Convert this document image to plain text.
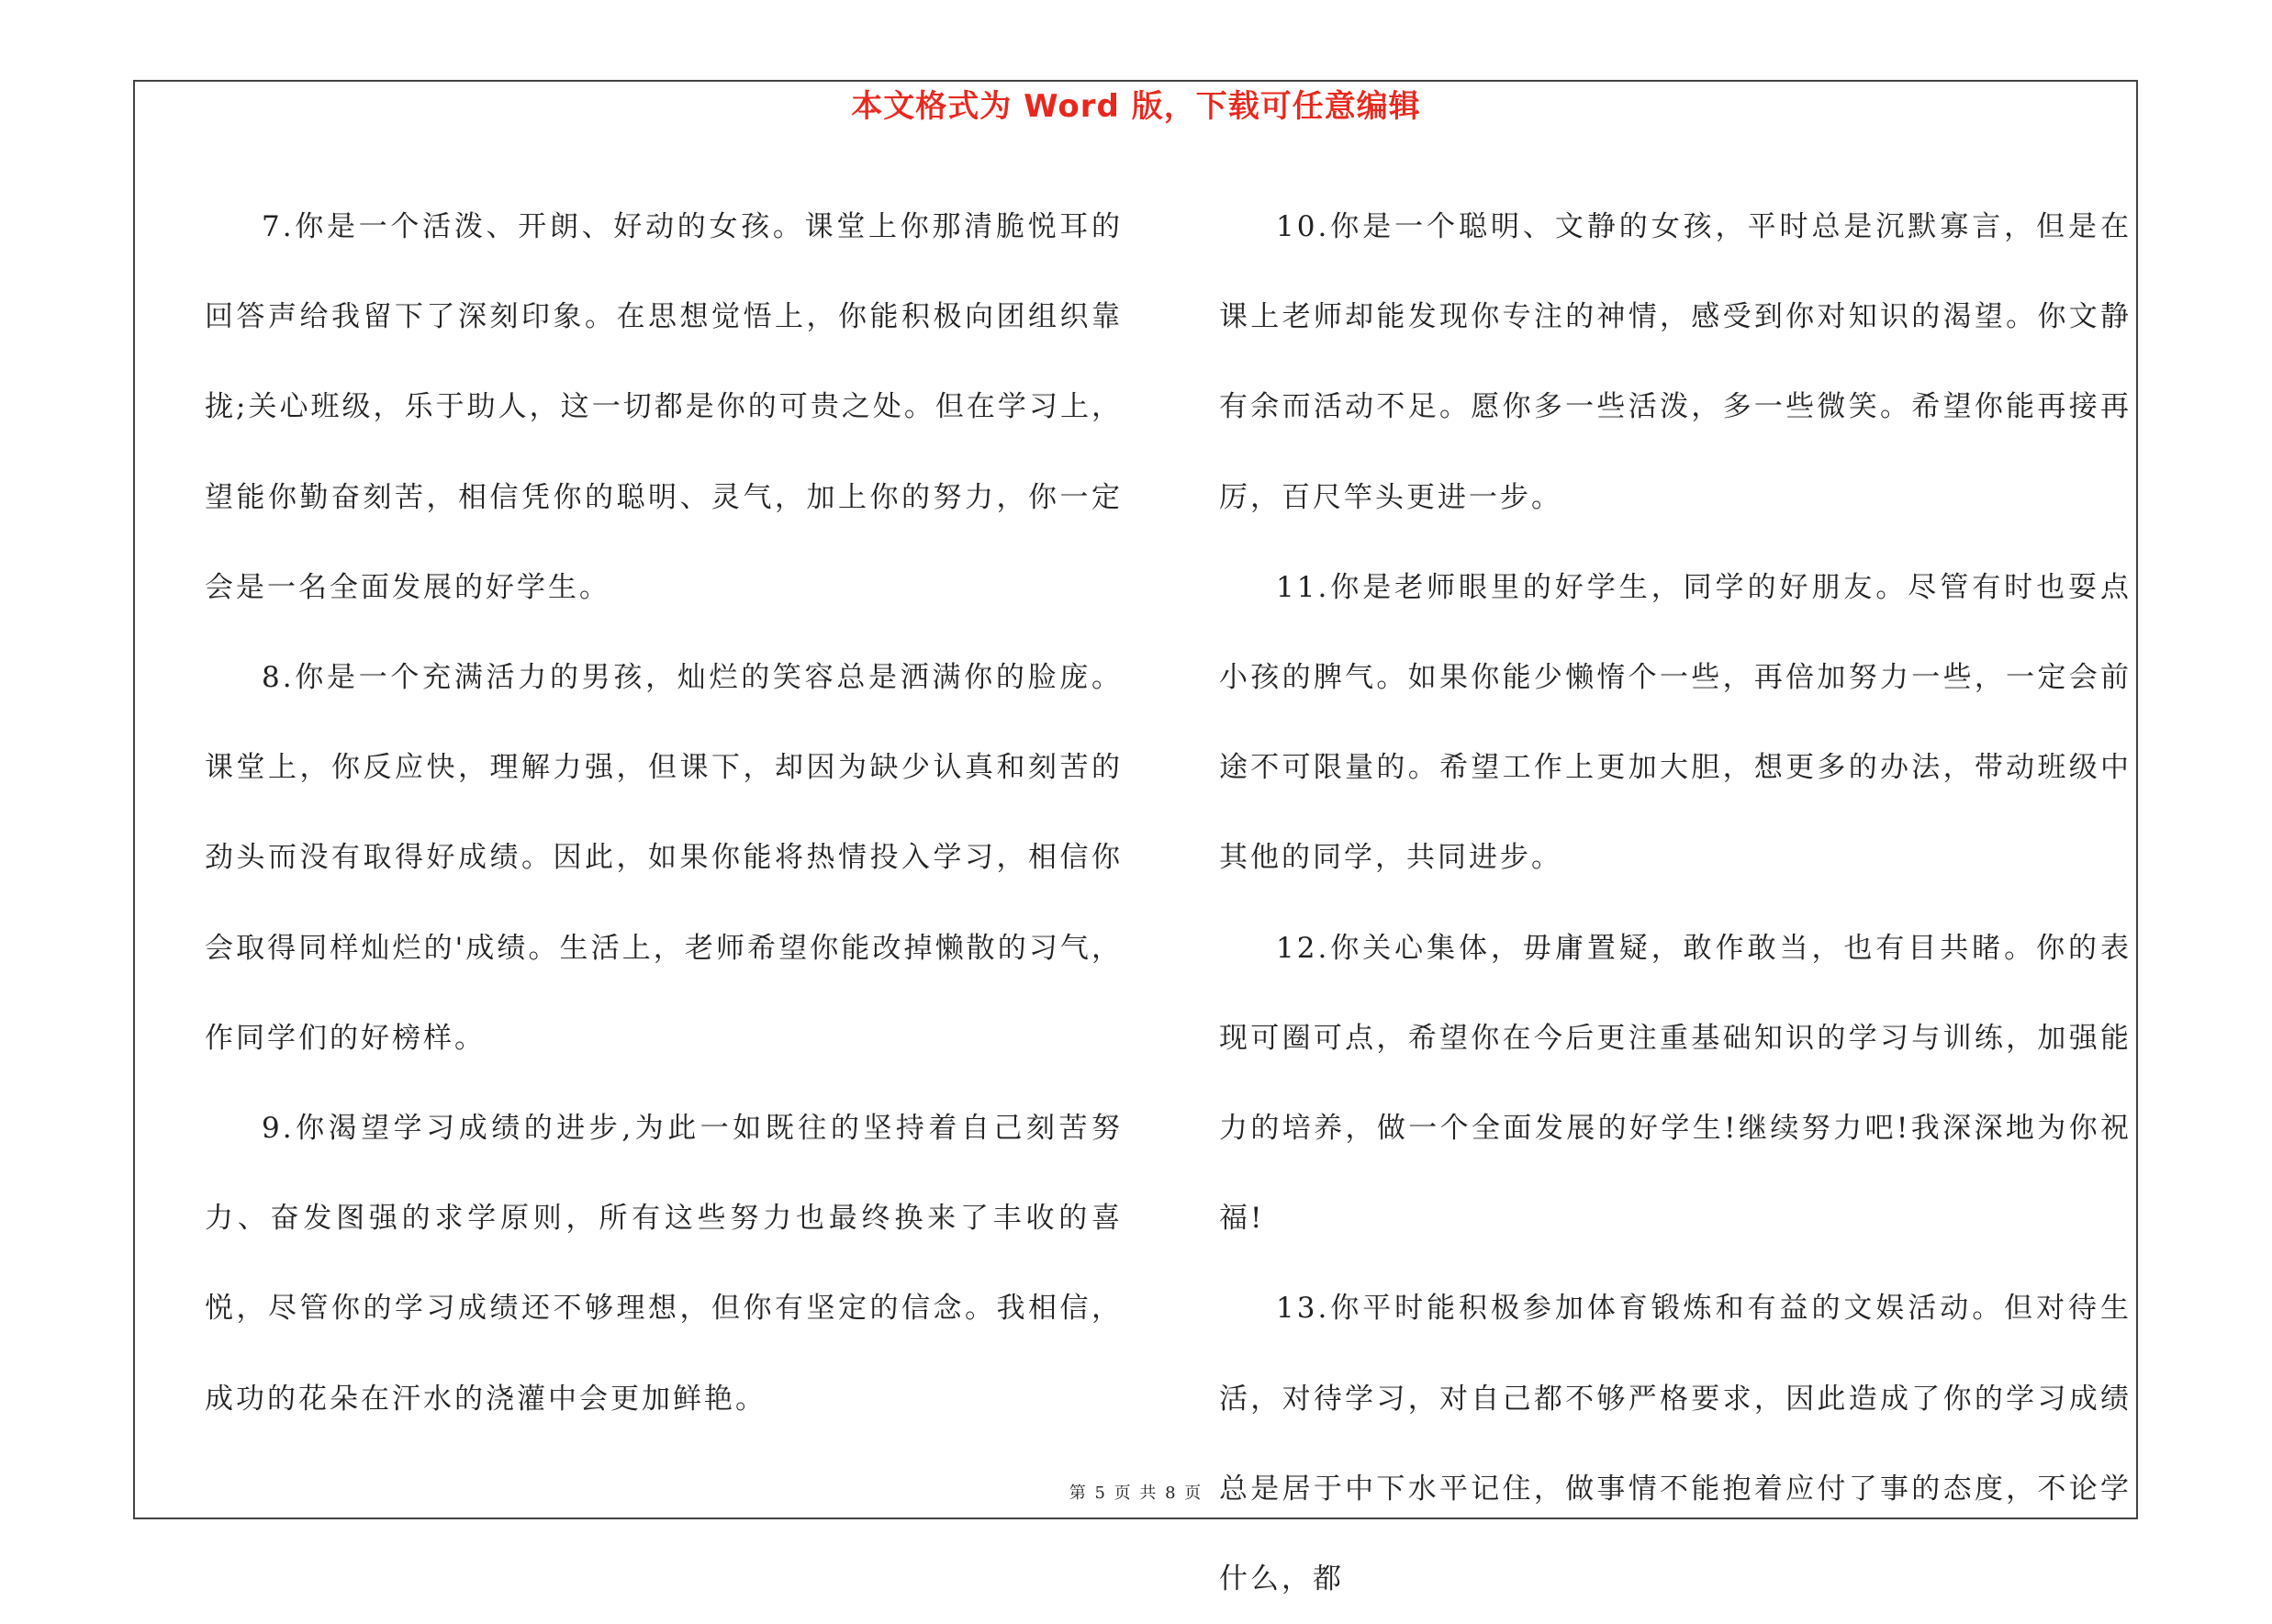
本文格式为 Word 版，下载可任意编辑

7.你是一个活泼、开朗、好动的女孩。课堂上你那清脆悦耳的回答声给我留下了深刻印象。在思想觉悟上，你能积极向团组织靠拢;关心班级，乐于助人，这一切都是你的可贵之处。但在学习上，望能你勤奋刻苦，相信凭你的聪明、灵气，加上你的努力，你一定会是一名全面发展的好学生。

8.你是一个充满活力的男孩，灿烂的笑容总是洒满你的脸庞。课堂上，你反应快，理解力强，但课下，却因为缺少认真和刻苦的劲头而没有取得好成绩。因此，如果你能将热情投入学习，相信你会取得同样灿烂的'成绩。生活上，老师希望你能改掉懒散的习气，作同学们的好榜样。

9.你渴望学习成绩的进步,为此一如既往的坚持着自己刻苦努力、奋发图强的求学原则，所有这些努力也最终换来了丰收的喜悦，尽管你的学习成绩还不够理想，但你有坚定的信念。我相信，成功的花朵在汗水的浇灌中会更加鲜艳。

10.你是一个聪明、文静的女孩，平时总是沉默寡言，但是在课上老师却能发现你专注的神情，感受到你对知识的渴望。你文静有余而活动不足。愿你多一些活泼，多一些微笑。希望你能再接再厉，百尺竿头更进一步。

11.你是老师眼里的好学生，同学的好朋友。尽管有时也耍点小孩的脾气。如果你能少懒惰个一些，再倍加努力一些，一定会前途不可限量的。希望工作上更加大胆，想更多的办法，带动班级中其他的同学，共同进步。

12.你关心集体，毋庸置疑，敢作敢当，也有目共睹。你的表现可圈可点，希望你在今后更注重基础知识的学习与训练，加强能力的培养，做一个全面发展的好学生!继续努力吧!我深深地为你祝福!

13.你平时能积极参加体育锻炼和有益的文娱活动。但对待生活，对待学习，对自己都不够严格要求，因此造成了你的学习成绩总是居于中下水平记住，做事情不能抱着应付了事的态度，不论学什么，都

第 5 页 共 8 页
